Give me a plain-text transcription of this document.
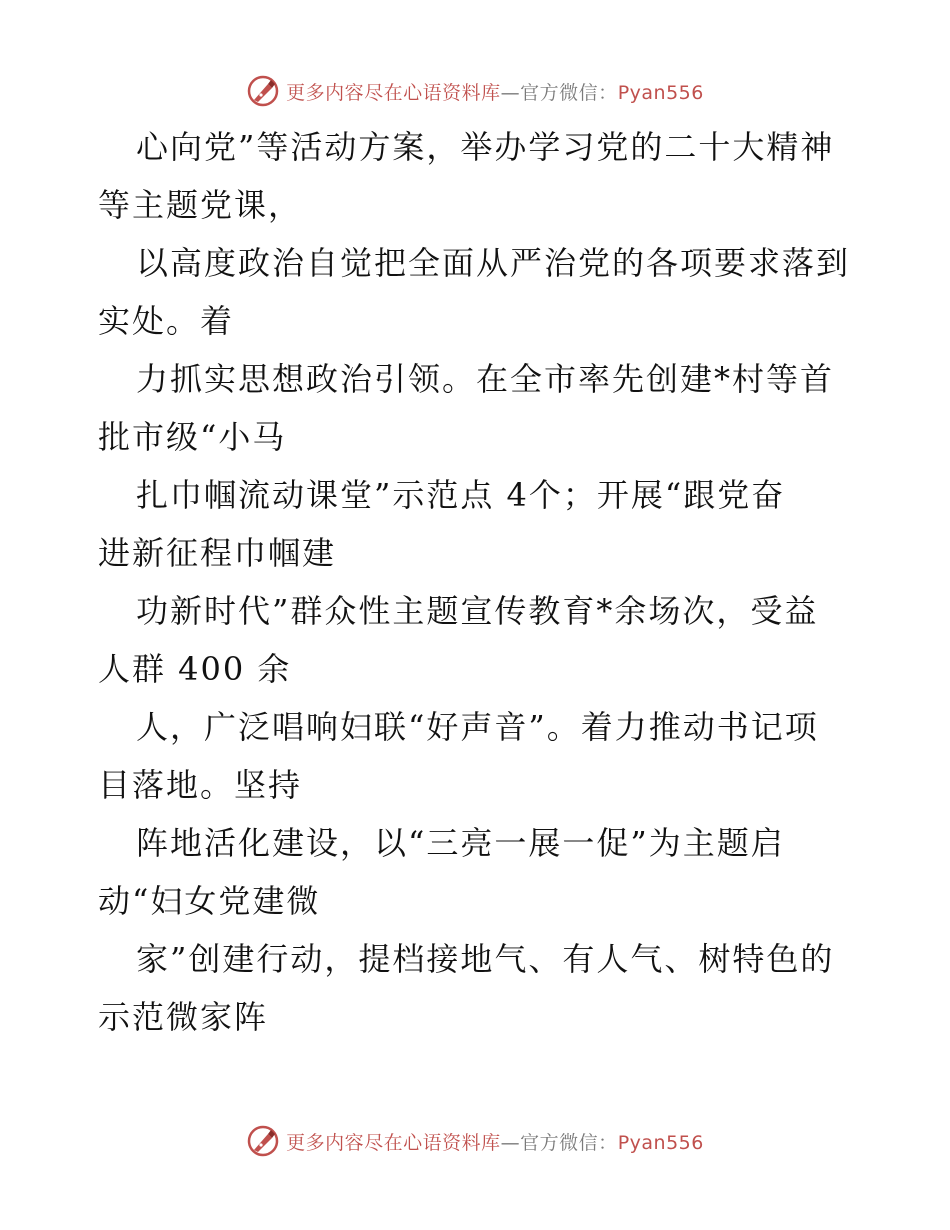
更多内容尽在心语资料库—官方微信：Pyan556
心向党”等活动方案，举办学习党的二十大精神
等主题党课，
以高度政治自觉把全面从严治党的各项要求落到
实处。着
力抓实思想政治引领。在全市率先创建*村等首
批市级“小马
扎巾帼流动课堂”示范点 4个；开展“跟党奋
进新征程巾帼建
功新时代”群众性主题宣传教育*余场次，受益
人群 400 余
人，广泛唱响妇联“好声音”。着力推动书记项
目落地。坚持
阵地活化建设，以“三亮一展一促”为主题启
动“妇女党建微
家”创建行动，提档接地气、有人气、树特色的
示范微家阵
更多内容尽在心语资料库—官方微信：Pyan556
